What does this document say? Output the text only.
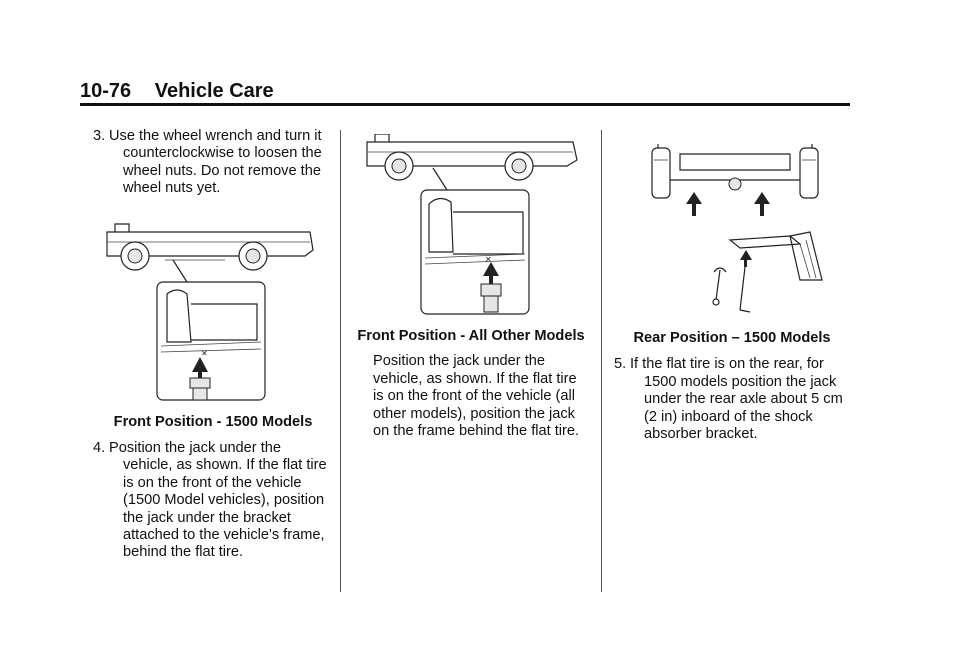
10-76 Vehicle Care
3. Use the wheel wrench and turn it counterclockwise to loosen the wheel nuts. Do not remove the wheel nuts yet.
✕
Front Position - 1500 Models
4. Position the jack under the vehicle, as shown. If the flat tire is on the front of the vehicle (1500 Model vehicles), position the jack under the bracket attached to the vehicle's frame, behind the flat tire.
✕
Front Position - All Other Models
Position the jack under the vehicle, as shown. If the flat tire is on the front of the vehicle (all other models), position the jack on the frame behind the flat tire.
Rear Position – 1500 Models
5. If the flat tire is on the rear, for 1500 models position the jack under the rear axle about 5 cm (2 in) inboard of the shock absorber bracket.
